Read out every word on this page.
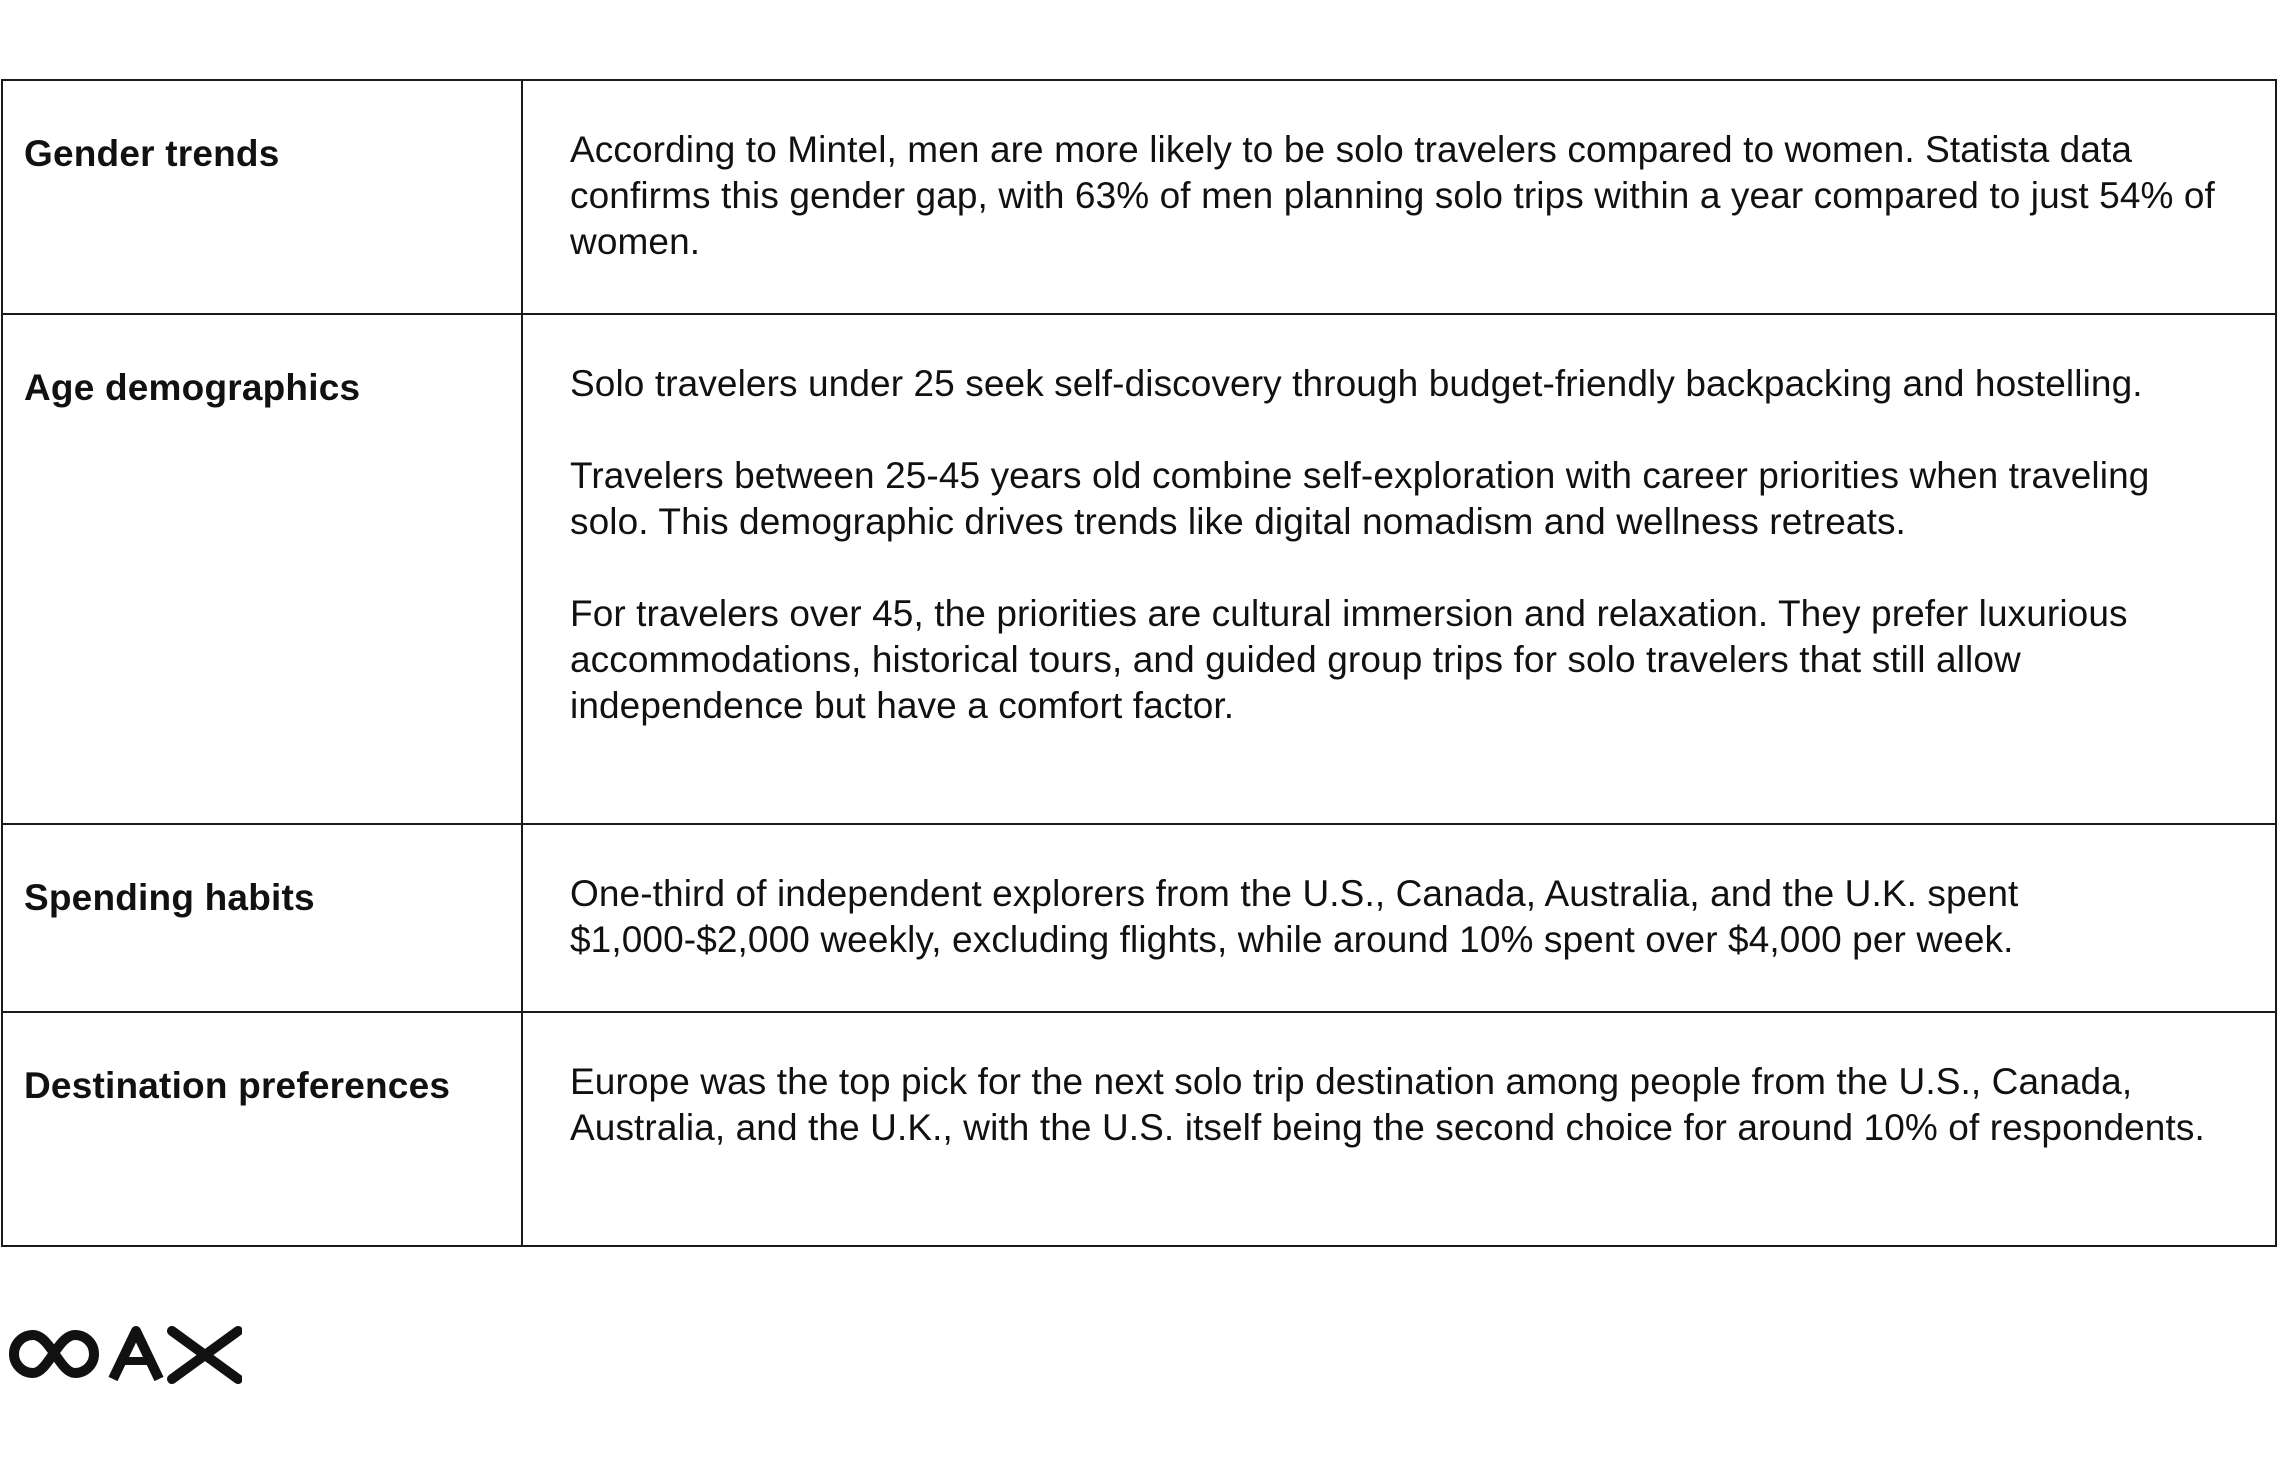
Gender trends	According to Mintel, men are more likely to be solo travelers compared to women. Statista data confirms this gender gap, with 63% of men planning solo trips within a year compared to just 54% of women.

Age demographics	Solo travelers under 25 seek self-discovery through budget-friendly backpacking and hostelling.

Travelers between 25-45 years old combine self-exploration with career priorities when traveling solo. This demographic drives trends like digital nomadism and wellness retreats.

For travelers over 45, the priorities are cultural immersion and relaxation. They prefer luxurious accommodations, historical tours, and guided group trips for solo travelers that still allow independence but have a comfort factor.

Spending habits	One-third of independent explorers from the U.S., Canada, Australia, and the U.K. spent $1,000-$2,000 weekly, excluding flights, while around 10% spent over $4,000 per week.

Destination preferences	Europe was the top pick for the next solo trip destination among people from the U.S., Canada, Australia, and the U.K., with the U.S. itself being the second choice for around 10% of respondents.
